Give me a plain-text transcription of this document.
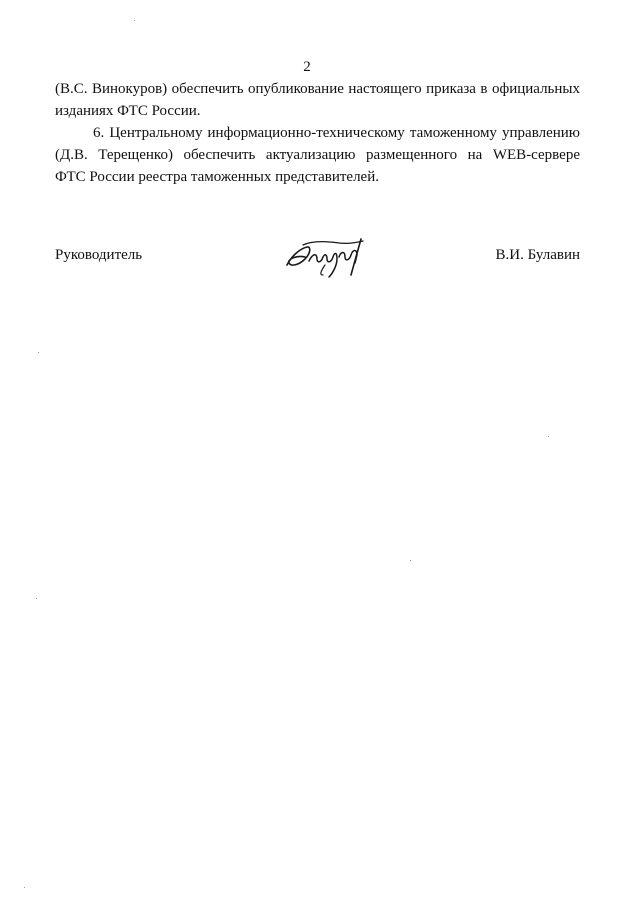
2

(В.С. Винокуров) обеспечить опубликование настоящего приказа в официальных
изданиях ФТС России.

6. Центральному информационно-техническому таможенному управлению
(Д.В. Терещенко) обеспечить актуализацию размещенного на WEB-сервере
ФТС России реестра таможенных представителей.

Руководитель	В.И. Булавин
